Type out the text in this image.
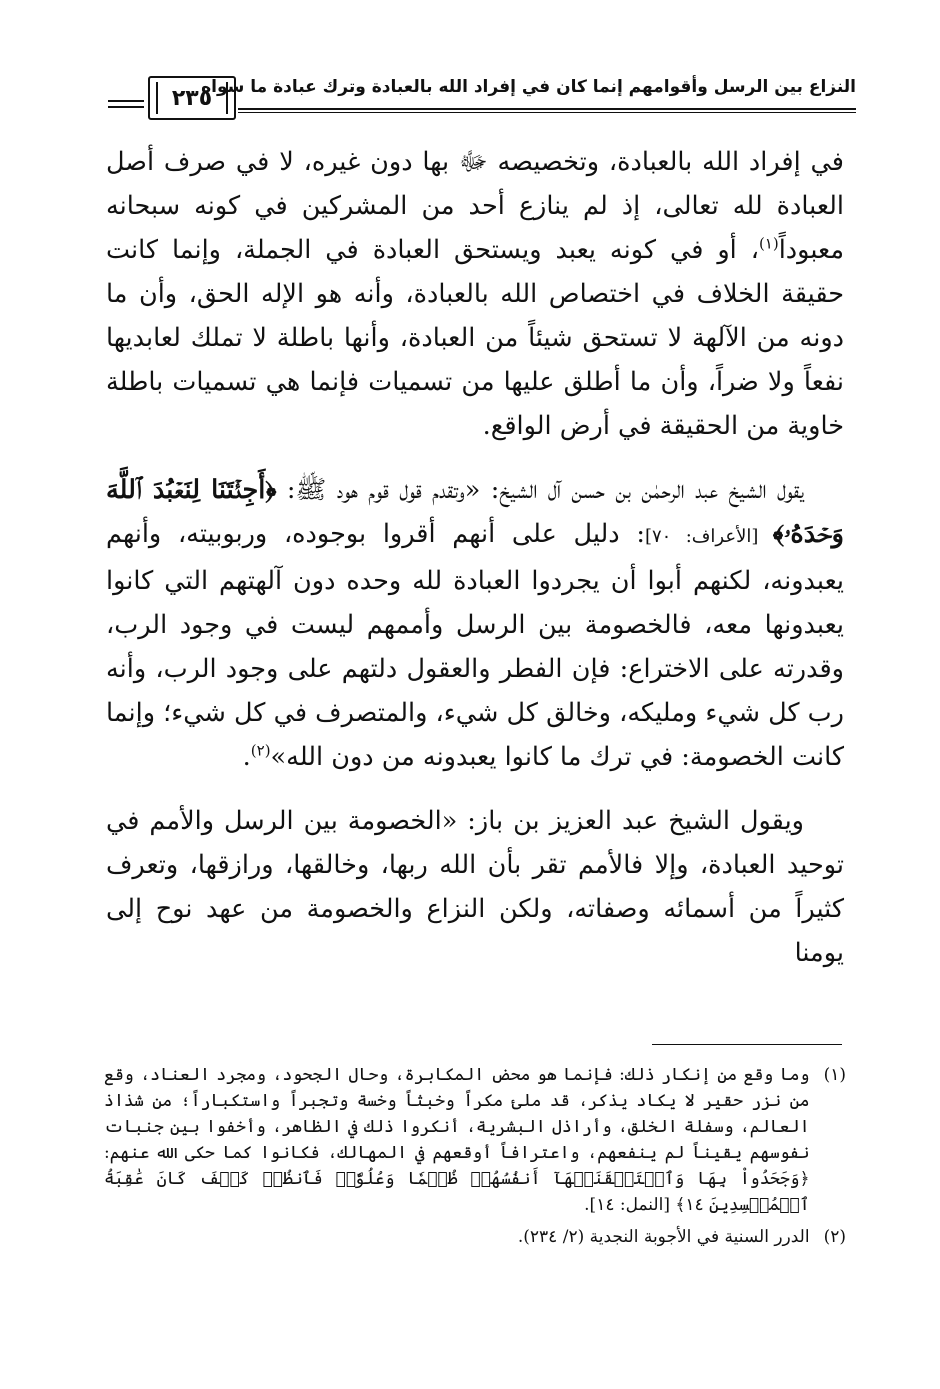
٢٣٥
النزاع بين الرسل وأقوامهم إنما كان في إفراد الله بالعبادة وترك عبادة ما سواه

في إفراد الله بالعبادة، وتخصيصه ﷻ بها دون غيره، لا في صرف أصل العبادة لله تعالى، إذ لم ينازع أحد من المشركين في كونه سبحانه معبوداً$^{(١)}$، أو في كونه يعبد ويستحق العبادة في الجملة، وإنما كانت حقيقة الخلاف في اختصاص الله بالعبادة، وأنه هو الإله الحق، وأن ما دونه من الآلهة لا تستحق شيئاً من العبادة، وأنها باطلة لا تملك لعابديها نفعاً ولا ضراً، وأن ما أطلق عليها من تسميات فإنما هي تسميات باطلة خاوية من الحقيقة في أرض الواقع.

يقول الشيخ عبد الرحمٰن بن حسن آل الشيخ: «وتقدم قول قوم هود ﷺ: ﴿أَجِئۡتَنَا لِنَعۡبُدَ ٱللَّهَ وَحۡدَهُۥ﴾ [الأعراف: ٧٠]: دليل على أنهم أقروا بوجوده، وربوبيته، وأنهم يعبدونه، لكنهم أبوا أن يجردوا العبادة لله وحده دون آلهتهم التي كانوا يعبدونها معه، فالخصومة بين الرسل وأممهم ليست في وجود الرب، وقدرته على الاختراع: فإن الفطر والعقول دلتهم على وجود الرب، وأنه رب كل شيء ومليكه، وخالق كل شيء، والمتصرف في كل شيء؛ وإنما كانت الخصومة: في ترك ما كانوا يعبدونه من دون الله»$^{(٢)}$.

ويقول الشيخ عبد العزيز بن باز: «الخصومة بين الرسل والأمم في توحيد العبادة، وإلا فالأمم تقر بأن الله ربها، وخالقها، ورازقها، وتعرف كثيراً من أسمائه وصفاته، ولكن النزاع والخصومة من عهد نوح إلى يومنا

(١)
وما وقع من إنكار ذلك: فإنما هو محض المكابرة، وحال الجحود، ومجرد العناد، وقع من نزر حقير لا يكاد يذكر، قد ملئ مكراً وخبثاً وخسة وتجبراً واستكباراً؛ من شذاذ العالم، وسفلة الخلق، وأراذل البشرية، أنكروا ذلك في الظاهر، وأخفوا بين جنبات نفوسهم يقيناً لم ينفعهم، واعترافاً أوقعهم في المهالك، فكانوا كما حكى الله عنهم: ﴿وَجَحَدُواْ بِهَا وَٱسۡتَيۡقَنَتۡهَآ أَنفُسُهُمۡ ظُلۡمٗا وَعُلُوّٗاۚ فَٱنظُرۡ كَيۡفَ كَانَ عَٰقِبَةُ ٱلۡمُفۡسِدِينَ ١٤﴾ [النمل: ١٤].

(٢)
الدرر السنية في الأجوبة النجدية (٢/ ٢٣٤).
